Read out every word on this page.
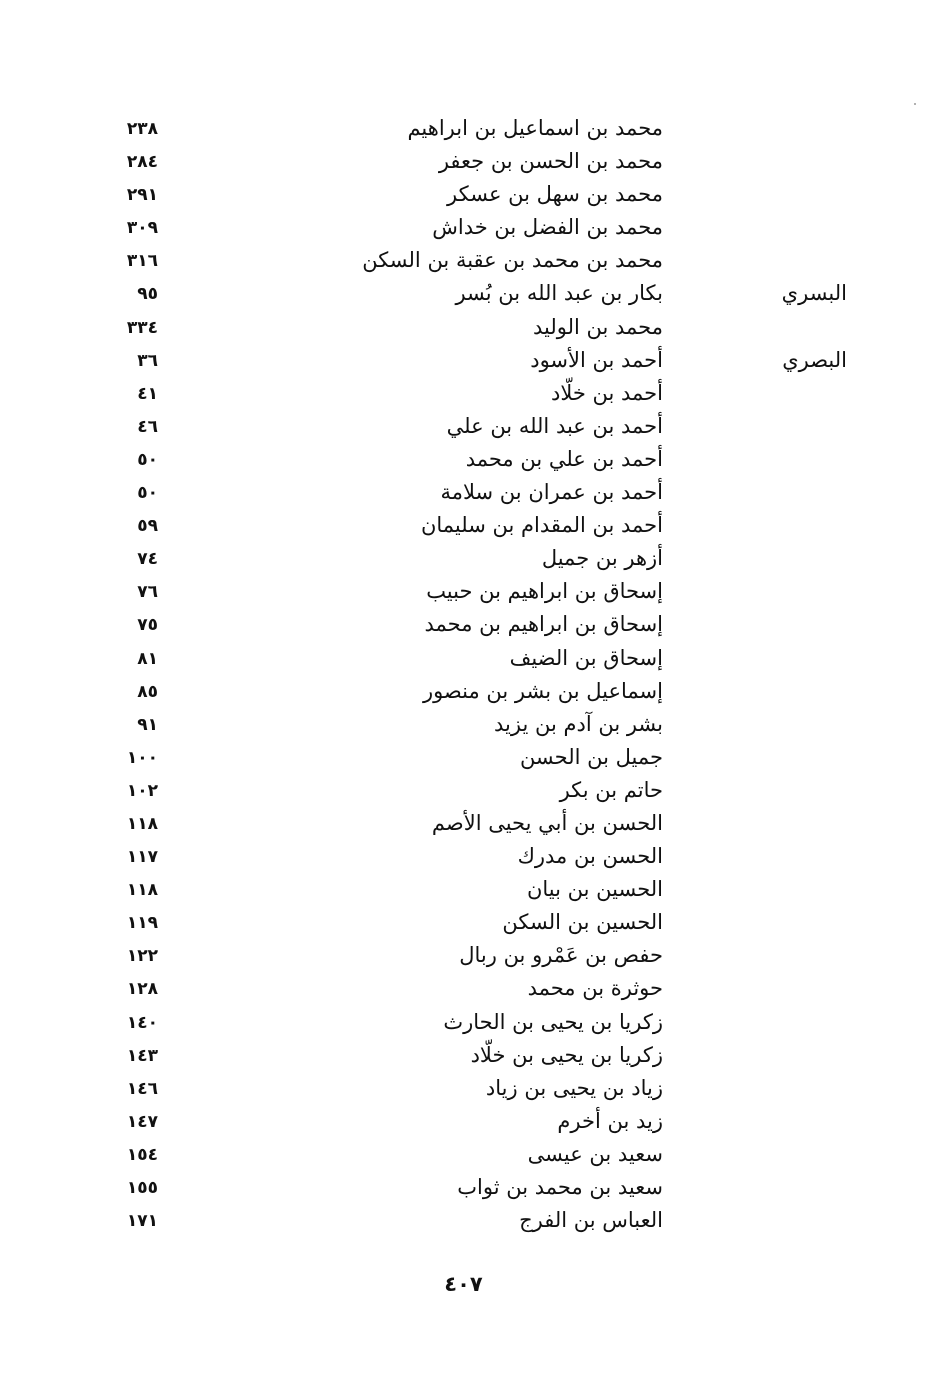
محمد بن اسماعيل بن ابراهيم
٢٣٨
محمد بن الحسن بن جعفر
٢٨٤
محمد بن سهل بن عسكر
٢٩١
محمد بن الفضل بن خداش
٣٠٩
محمد بن محمد بن عقبة بن السكن
٣١٦
البسري
بكار بن عبد الله بن بُسر
٩٥
محمد بن الوليد
٣٣٤
البصري
أحمد بن الأسود
٣٦
أحمد بن خلّاد
٤١
أحمد بن عبد الله بن علي
٤٦
أحمد بن علي بن محمد
٥٠
أحمد بن عمران بن سلامة
٥٠
أحمد بن المقدام بن سليمان
٥٩
أزهر بن جميل
٧٤
إسحاق بن ابراهيم بن حبيب
٧٦
إسحاق بن ابراهيم بن محمد
٧٥
إسحاق بن الضيف
٨١
إسماعيل بن بشر بن منصور
٨٥
بشر بن آدم بن يزيد
٩١
جميل بن الحسن
١٠٠
حاتم بن بكر
١٠٢
الحسن بن أبي يحيى الأصم
١١٨
الحسن بن مدرك
١١٧
الحسين بن بيان
١١٨
الحسين بن السكن
١١٩
حفص بن عَمْرو بن ربال
١٢٢
حوثرة بن محمد
١٢٨
زكريا بن يحيى بن الحارث
١٤٠
زكريا بن يحيى بن خلّاد
١٤٣
زياد بن يحيى بن زياد
١٤٦
زيد بن أخرم
١٤٧
سعيد بن عيسى
١٥٤
سعيد بن محمد بن ثواب
١٥٥
العباس بن الفرج
١٧١
٤٠٧
